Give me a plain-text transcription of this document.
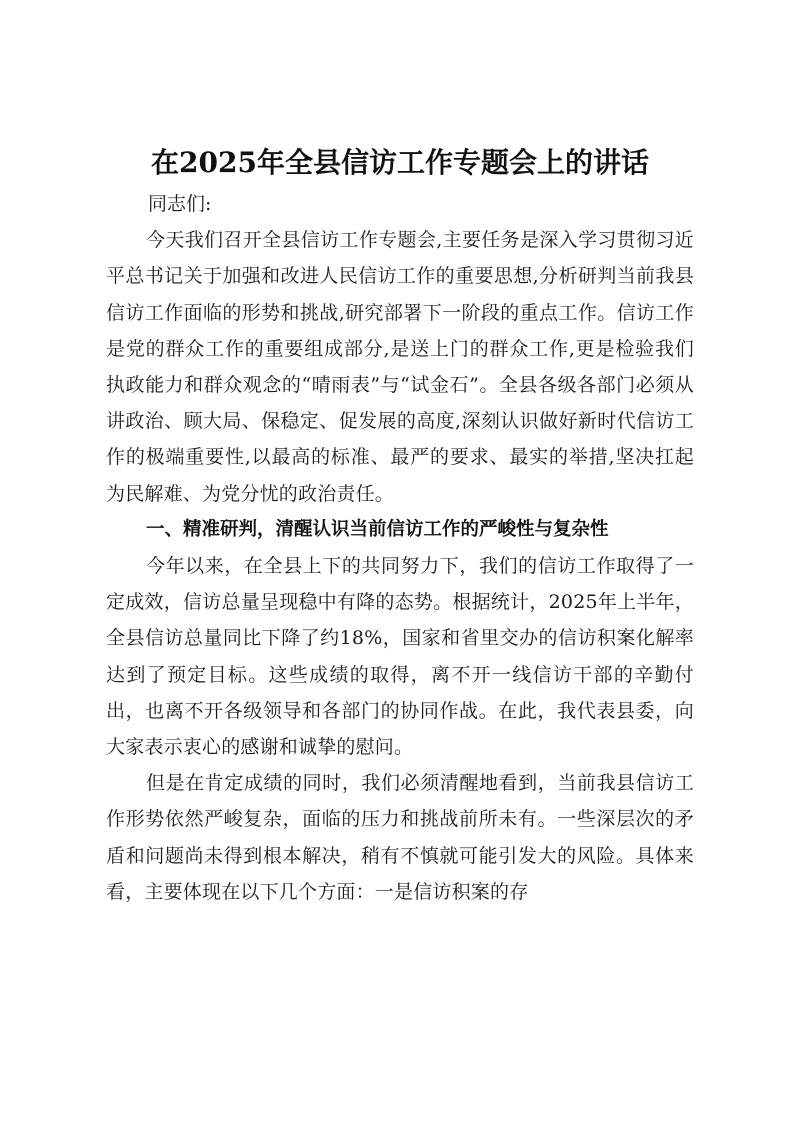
在2025年全县信访工作专题会上的讲话

同志们:

今天我们召开全县信访工作专题会,主要任务是深入学习贯彻习近平总书记关于加强和改进人民信访工作的重要思想,分析研判当前我县信访工作面临的形势和挑战,研究部署下一阶段的重点工作。信访工作是党的群众工作的重要组成部分,是送上门的群众工作,更是检验我们执政能力和群众观念的“晴雨表”与“试金石”。全县各级各部门必须从讲政治、顾大局、保稳定、促发展的高度,深刻认识做好新时代信访工作的极端重要性,以最高的标准、最严的要求、最实的举措,坚决扛起为民解难、为党分忧的政治责任。

一、精准研判，清醒认识当前信访工作的严峻性与复杂性

今年以来，在全县上下的共同努力下，我们的信访工作取得了一定成效，信访总量呈现稳中有降的态势。根据统计，2025年上半年，全县信访总量同比下降了约18%，国家和省里交办的信访积案化解率达到了预定目标。这些成绩的取得，离不开一线信访干部的辛勤付出，也离不开各级领导和各部门的协同作战。在此，我代表县委，向大家表示衷心的感谢和诚挚的慰问。

但是在肯定成绩的同时，我们必须清醒地看到，当前我县信访工作形势依然严峻复杂，面临的压力和挑战前所未有。一些深层次的矛盾和问题尚未得到根本解决，稍有不慎就可能引发大的风险。具体来看，主要体现在以下几个方面：一是信访积案的存
